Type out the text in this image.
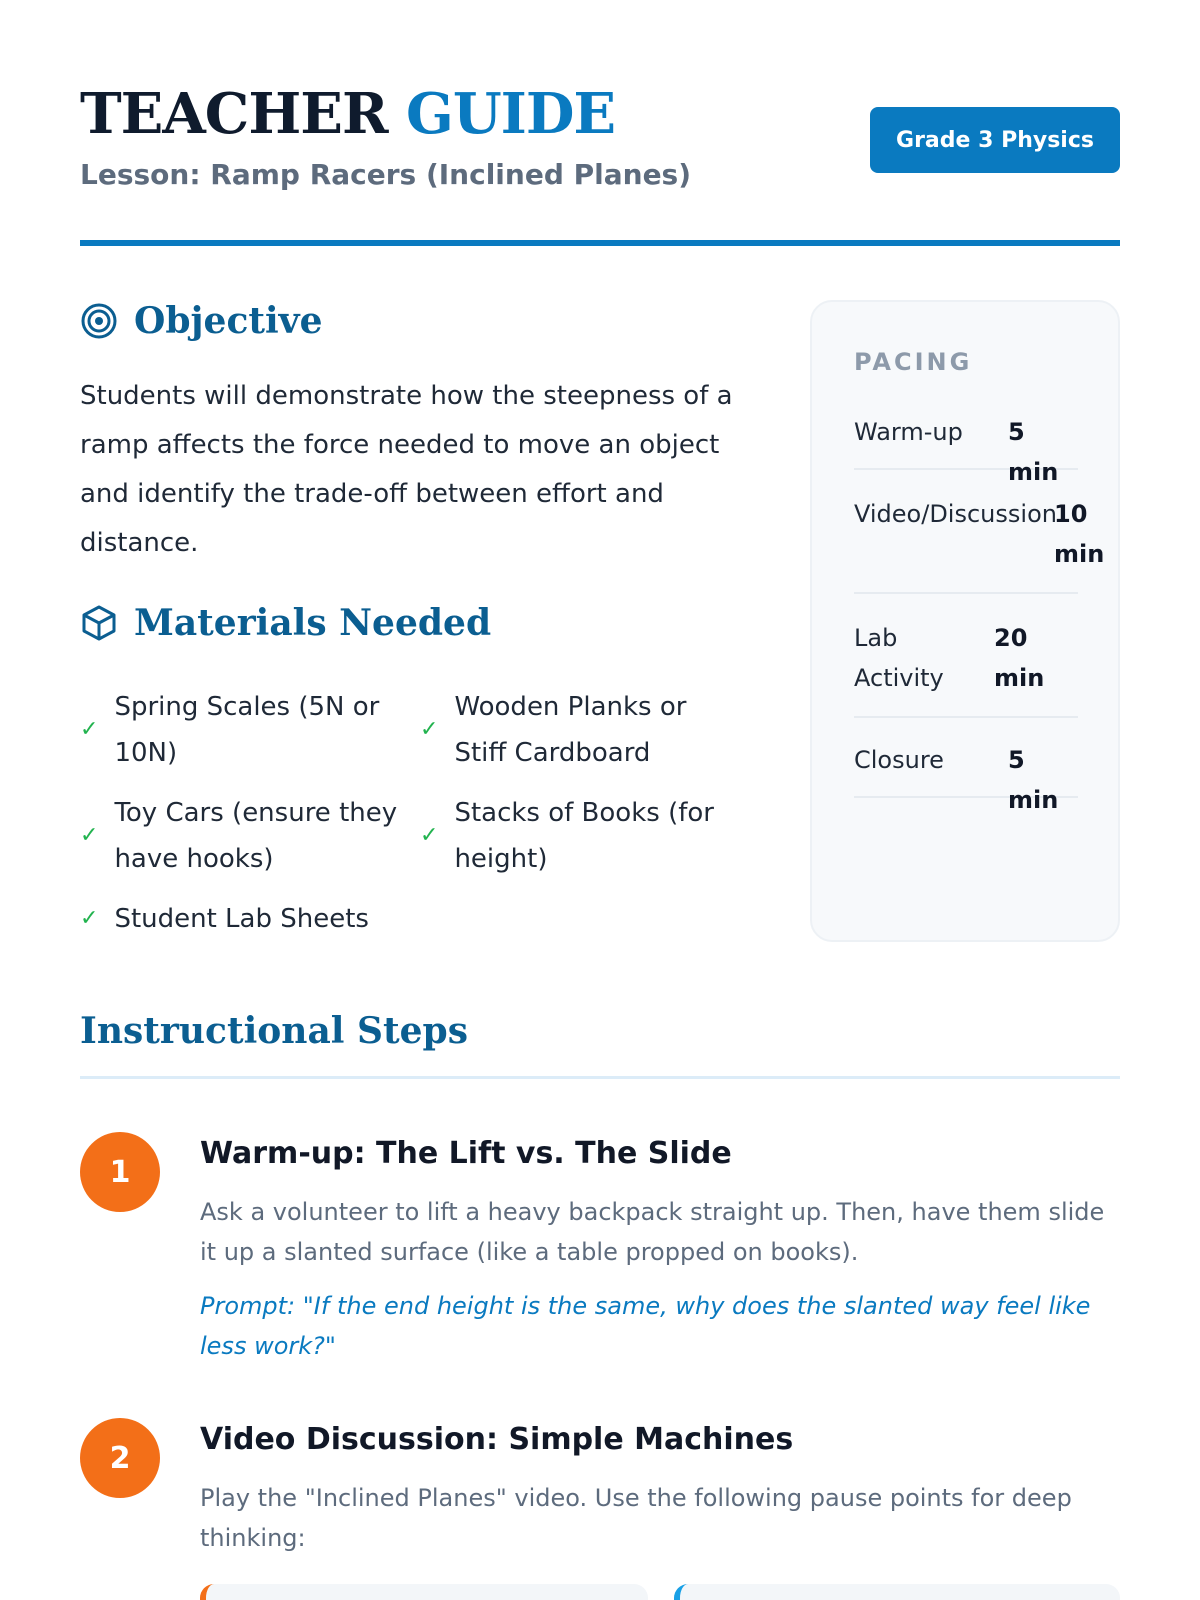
TEACHER GUIDE
Lesson: Ramp Racers (Inclined Planes)
Grade 3 Physics
Objective
Students will demonstrate how the steepness of a ramp affects the force needed to move an object and identify the trade-off between effort and distance.
Materials Needed
✓
Spring Scales (5N or 10N)
✓
Wooden Planks or Stiff Cardboard
✓
Toy Cars (ensure they have hooks)
✓
Stacks of Books (for height)
✓ Student Lab Sheets
PACING
Warm-up 5 min
Video/Discussion
10 min
Lab Activity
20 min
Closure	5 min
Instructional Steps
1
Warm-up: The Lift vs. The Slide
Ask a volunteer to lift a heavy backpack straight up. Then, have them slide it up a slanted surface (like a table propped on books).
Prompt: "If the end height is the same, why does the slanted way feel like less work?"
2
Video Discussion: Simple Machines
Play the "Inclined Planes" video. Use the following pause points for deep thinking:
